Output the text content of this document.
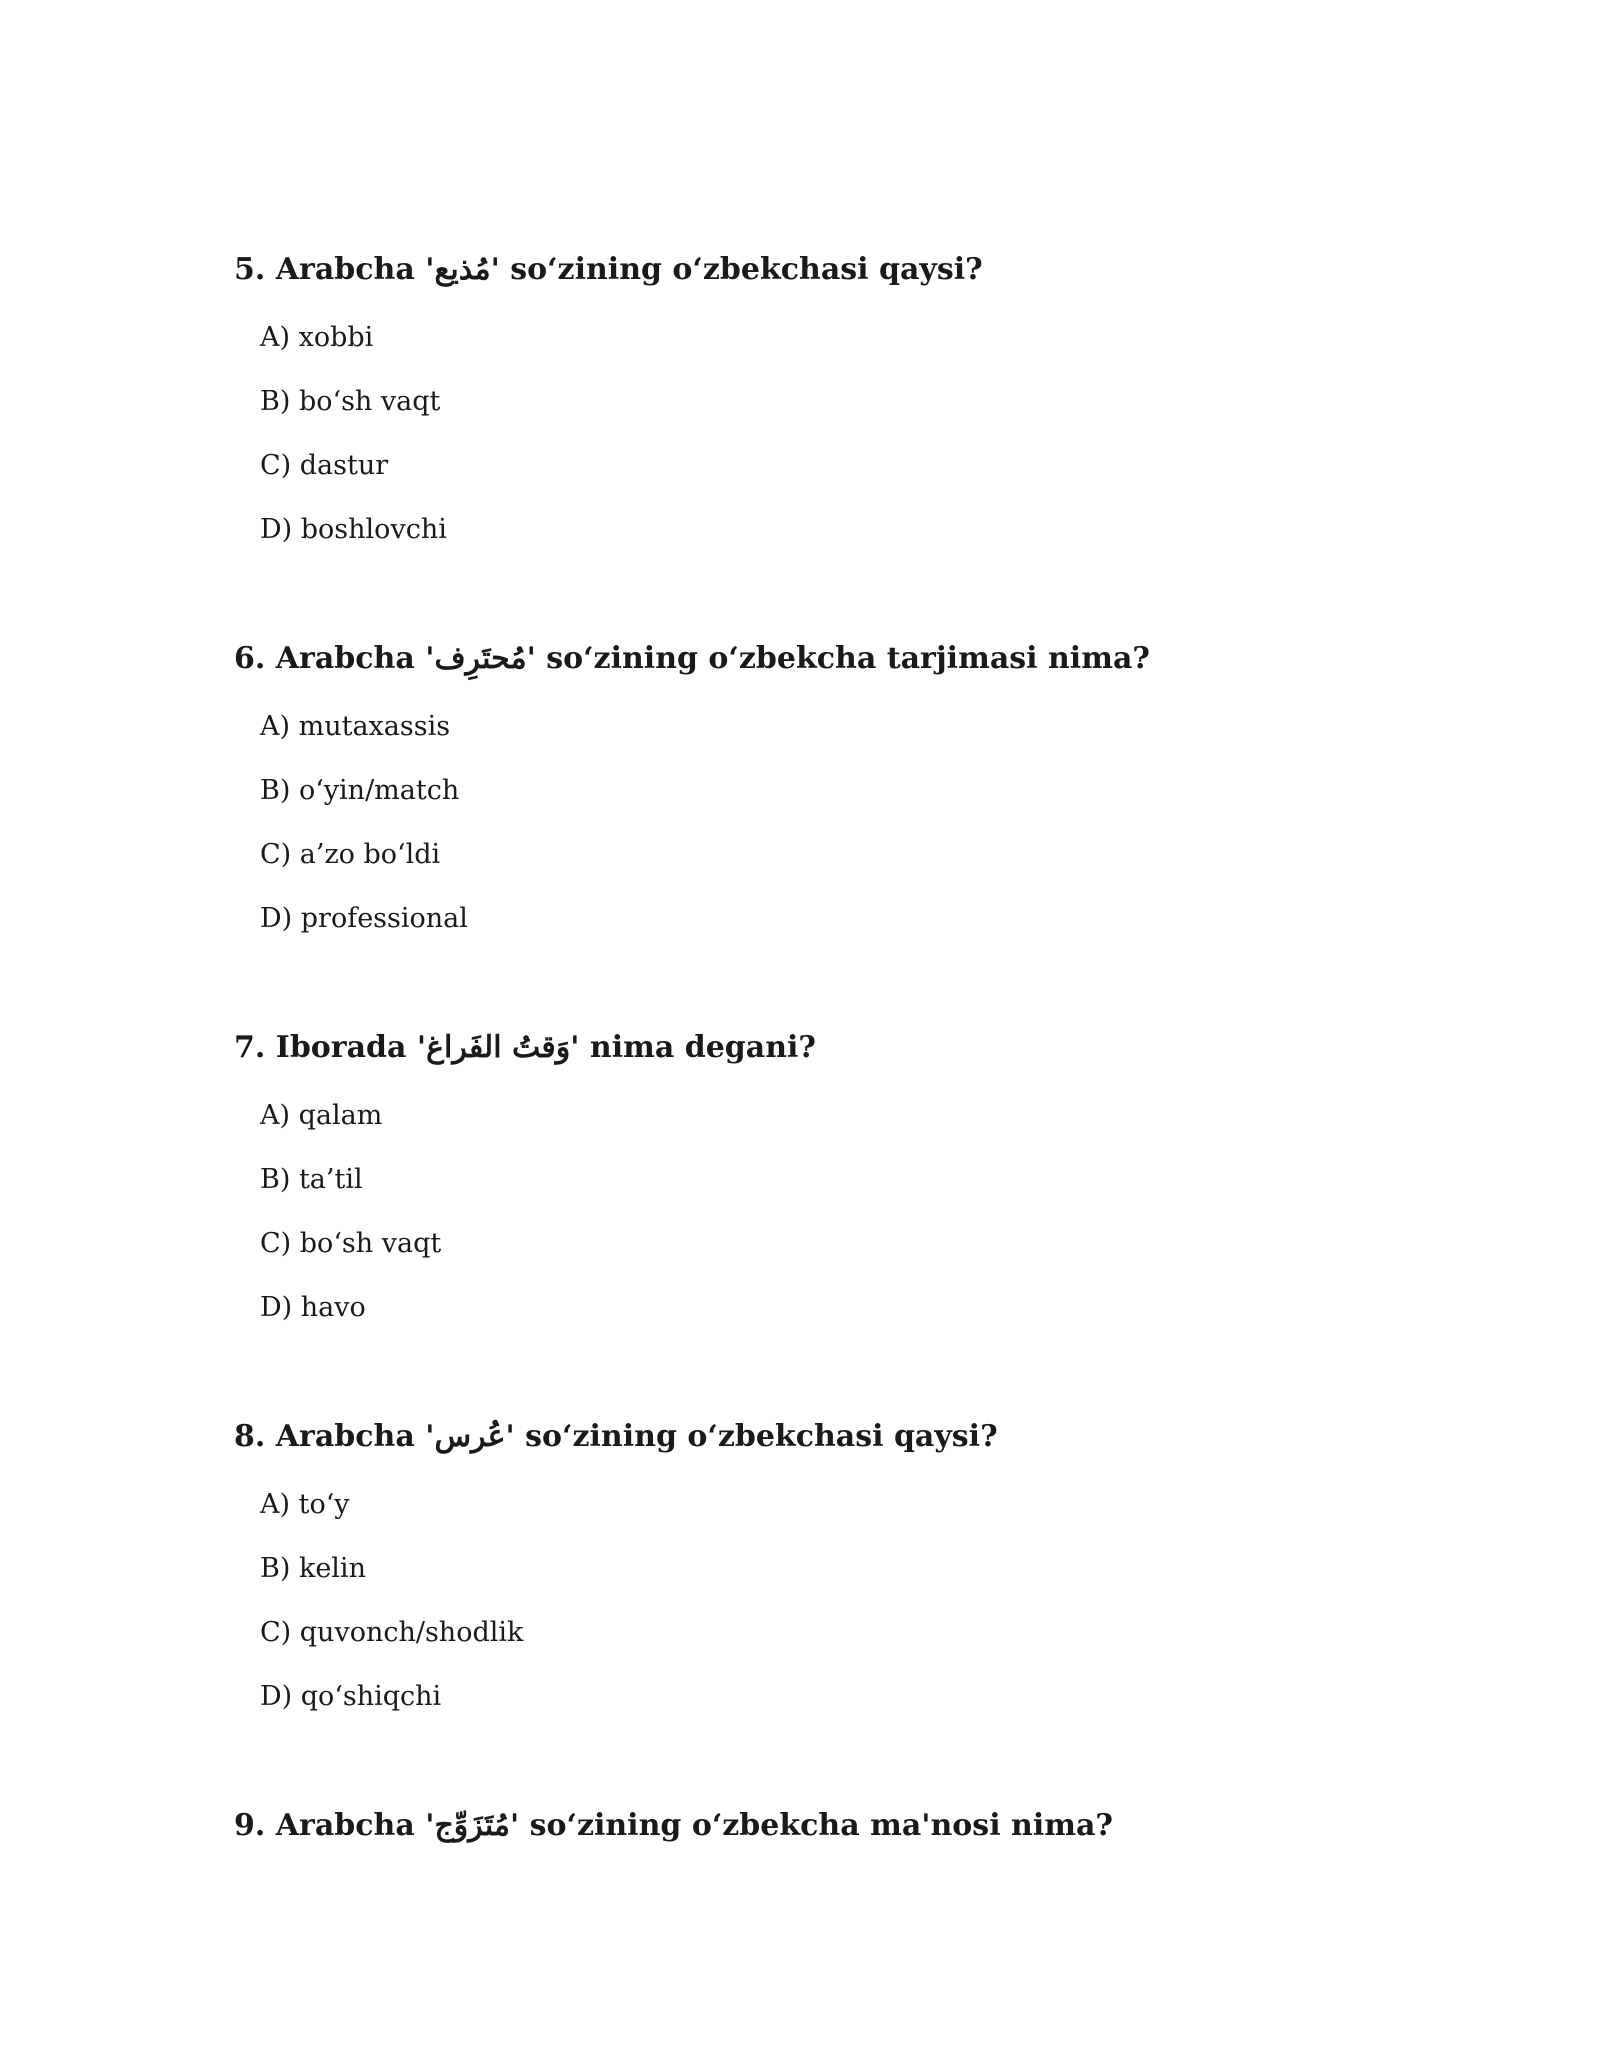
5. Arabcha 'مُذيع' so‘zining o‘zbekchasi qaysi?

A) xobbi
B) bo‘sh vaqt
C) dastur
D) boshlovchi

6. Arabcha 'مُحتَرِف' so‘zining o‘zbekcha tarjimasi nima?

A) mutaxassis
B) o‘yin/match
C) a’zo bo‘ldi
D) professional

7. Iborada 'وَقتُ الفَراغ' nima degani?

A) qalam
B) ta’til
C) bo‘sh vaqt
D) havo

8. Arabcha 'عُرس' so‘zining o‘zbekchasi qaysi?

A) to‘y
B) kelin
C) quvonch/shodlik
D) qo‘shiqchi

9. Arabcha 'مُتَزَوِّج' so‘zining o‘zbekcha ma'nosi nima?
